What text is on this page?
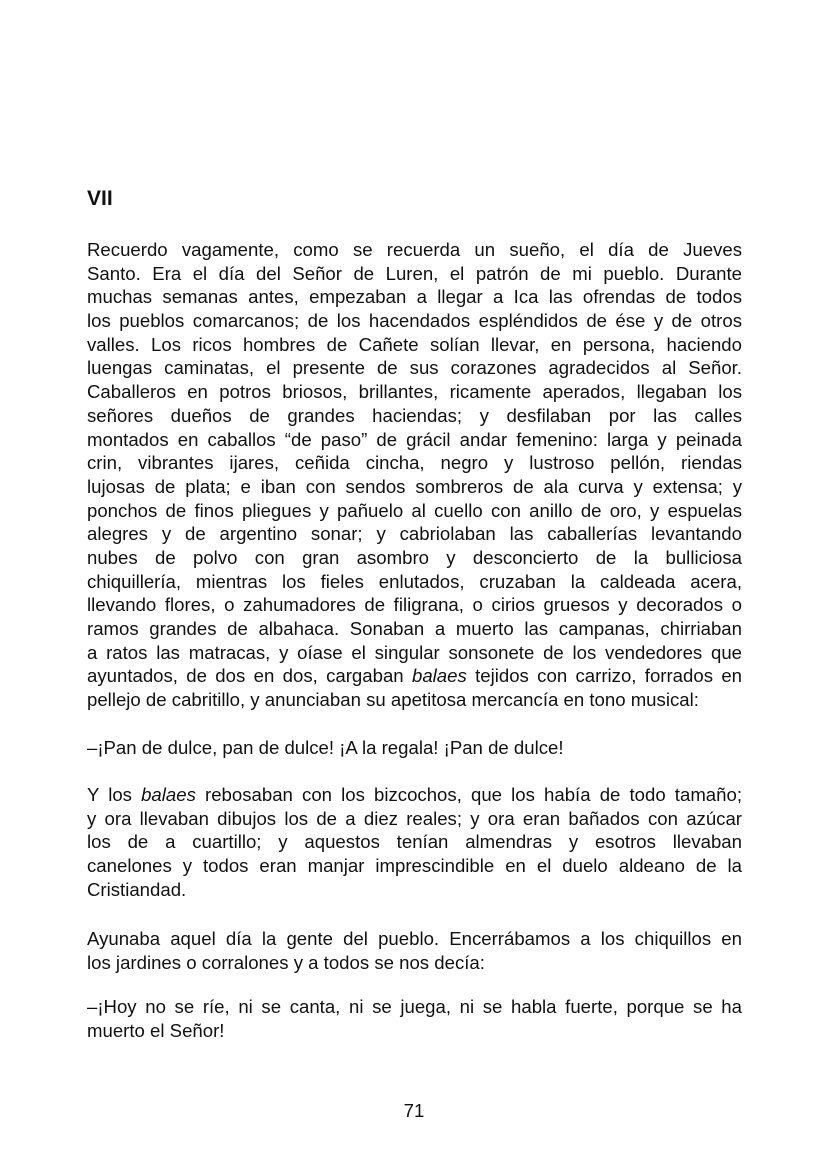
VII
Recuerdo vagamente, como se recuerda un sueño, el día de Jueves
Santo. Era el día del Señor de Luren, el patrón de mi pueblo. Durante
muchas semanas antes, empezaban a llegar a Ica las ofrendas de todos
los pueblos comarcanos; de los hacendados espléndidos de ése y de otros
valles. Los ricos hombres de Cañete solían llevar, en persona, haciendo
luengas caminatas, el presente de sus corazones agradecidos al Señor.
Caballeros en potros briosos, brillantes, ricamente aperados, llegaban los
señores dueños de grandes haciendas; y desfilaban por las calles
montados en caballos “de paso” de grácil andar femenino: larga y peinada
crin, vibrantes ijares, ceñida cincha, negro y lustroso pellón, riendas
lujosas de plata; e iban con sendos sombreros de ala curva y extensa; y
ponchos de finos pliegues y pañuelo al cuello con anillo de oro, y espuelas
alegres y de argentino sonar; y cabriolaban las caballerías levantando
nubes de polvo con gran asombro y desconcierto de la bulliciosa
chiquillería, mientras los fieles enlutados, cruzaban la caldeada acera,
llevando flores, o zahumadores de filigrana, o cirios gruesos y decorados o
ramos grandes de albahaca. Sonaban a muerto las campanas, chirriaban
a ratos las matracas, y oíase el singular sonsonete de los vendedores que
ayuntados, de dos en dos, cargaban balaes tejidos con carrizo, forrados en
pellejo de cabritillo, y anunciaban su apetitosa mercancía en tono musical:
–¡Pan de dulce, pan de dulce! ¡A la regala! ¡Pan de dulce!
Y los balaes rebosaban con los bizcochos, que los había de todo tamaño;
y ora llevaban dibujos los de a diez reales; y ora eran bañados con azúcar
los de a cuartillo; y aquestos tenían almendras y esotros llevaban
canelones y todos eran manjar imprescindible en el duelo aldeano de la
Cristiandad.
Ayunaba aquel día la gente del pueblo. Encerrábamos a los chiquillos en
los jardines o corralones y a todos se nos decía:
–¡Hoy no se ríe, ni se canta, ni se juega, ni se habla fuerte, porque se ha
muerto el Señor!
71
